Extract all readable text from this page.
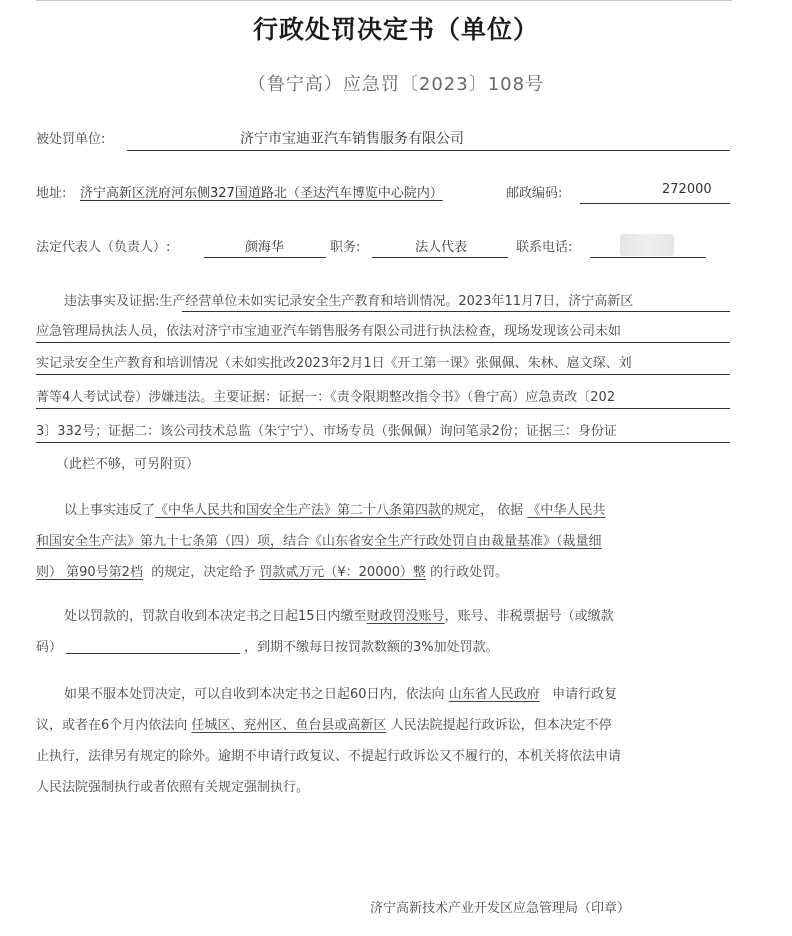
行政处罚决定书（单位）
（鲁宁高）应急罚〔2023〕108号
被处罚单位:	济宁市宝迪亚汽车销售服务有限公司
地址: 济宁高新区洸府河东侧327国道路北（圣达汽车博览中心院内）	邮政编码:	272000
法定代表人（负责人）:	颜海华	职务:	法人代表	联系电话:
违法事实及证据:生产经营单位未如实记录安全生产教育和培训情况。2023年11月7日，济宁高新区
应急管理局执法人员，依法对济宁市宝迪亚汽车销售服务有限公司进行执法检查，现场发现该公司未如
实记录安全生产教育和培训情况（未如实批改2023年2月1日《开工第一课》张佩佩、朱林、扈文琛、刘
菁等4人考试试卷）涉嫌违法。主要证据：证据一：《责令限期整改指令书》（鲁宁高）应急责改〔202
3〕332号；证据二：该公司技术总监（朱宁宁）、市场专员（张佩佩）询问笔录2份；证据三：身份证
（此栏不够，可另附页）
以上事实违反了《中华人民共和国安全生产法》第二十八条第四款的规定， 依据 《中华人民共
和国安全生产法》第九十七条第（四）项，结合《山东省安全生产行政处罚自由裁量基准》（裁量细
则） 第90号第2档 的规定，决定给予 罚款贰万元（¥：20000）整 的行政处罚。
处以罚款的，罚款自收到本决定书之日起15日内缴至财政罚没账号，账号、非税票据号（或缴款
码）	，到期不缴每日按罚款数额的3%加处罚款。
如果不服本处罚决定，可以自收到本决定书之日起60日内，依法向 山东省人民政府 申请行政复
议，或者在6个月内依法向 任城区、兖州区、鱼台县或高新区 人民法院提起行政诉讼，但本决定不停
止执行，法律另有规定的除外。逾期不申请行政复议、不提起行政诉讼又不履行的，本机关将依法申请
人民法院强制执行或者依照有关规定强制执行。
济宁高新技术产业开发区应急管理局（印章）
